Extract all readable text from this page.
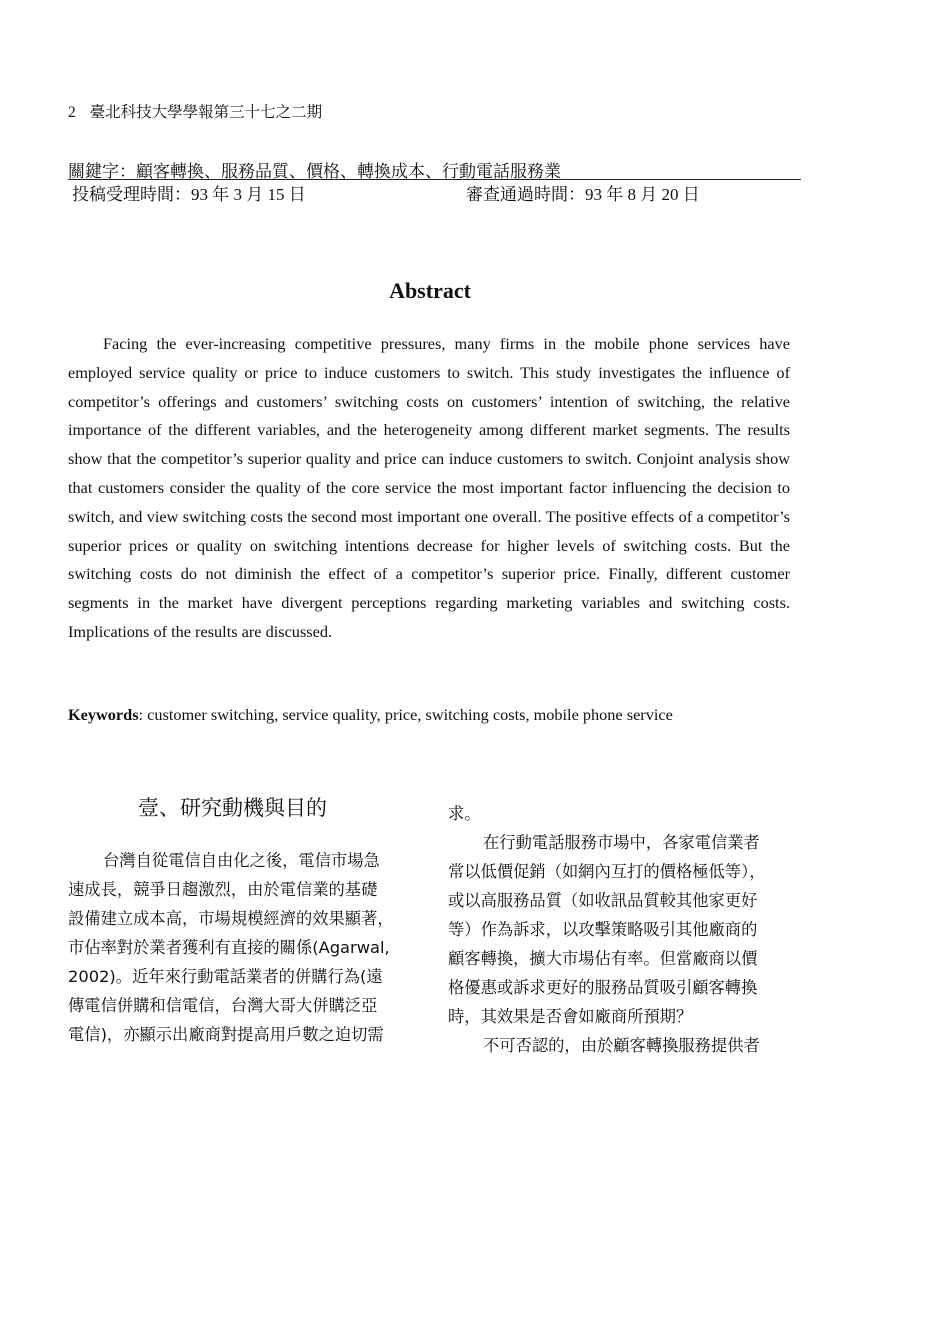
2 臺北科技大學學報第三十七之二期
關鍵字：顧客轉換、服務品質、價格、轉換成本、行動電話服務業
投稿受理時間：93 年 3 月 15 日	審查通過時間：93 年 8 月 20 日
Abstract

Facing the ever-increasing competitive pressures, many firms in the mobile phone services have employed service quality or price to induce customers to switch. This study investigates the influence of competitor’s offerings and customers’ switching costs on customers’ intention of switching, the relative importance of the different variables, and the heterogeneity among different market segments. The results show that the competitor’s superior quality and price can induce customers to switch. Conjoint analysis show that customers consider the quality of the core service the most important factor influencing the decision to switch, and view switching costs the second most important one overall. The positive effects of a competitor’s superior prices or quality on switching intentions decrease for higher levels of switching costs. But the switching costs do not diminish the effect of a competitor’s superior price. Finally, different customer segments in the market have divergent perceptions regarding marketing variables and switching costs. Implications of the results are discussed.

Keywords: customer switching, service quality, price, switching costs, mobile phone service
壹、研究動機與目的
台灣自從電信自由化之後，電信市場急
速成長，競爭日趨激烈，由於電信業的基礎
設備建立成本高，市場規模經濟的效果顯著，
市佔率對於業者獲利有直接的關係(Agarwal,
2002)。近年來行動電話業者的併購行為(遠
傳電信併購和信電信，台灣大哥大併購泛亞
電信)，亦顯示出廠商對提高用戶數之迫切需
求。
在行動電話服務市場中，各家電信業者
常以低價促銷（如網內互打的價格極低等），
或以高服務品質（如收訊品質較其他家更好
等）作為訴求，以攻擊策略吸引其他廠商的
顧客轉換，擴大市場佔有率。但當廠商以價
格優惠或訴求更好的服務品質吸引顧客轉換
時，其效果是否會如廠商所預期？
不可否認的，由於顧客轉換服務提供者
